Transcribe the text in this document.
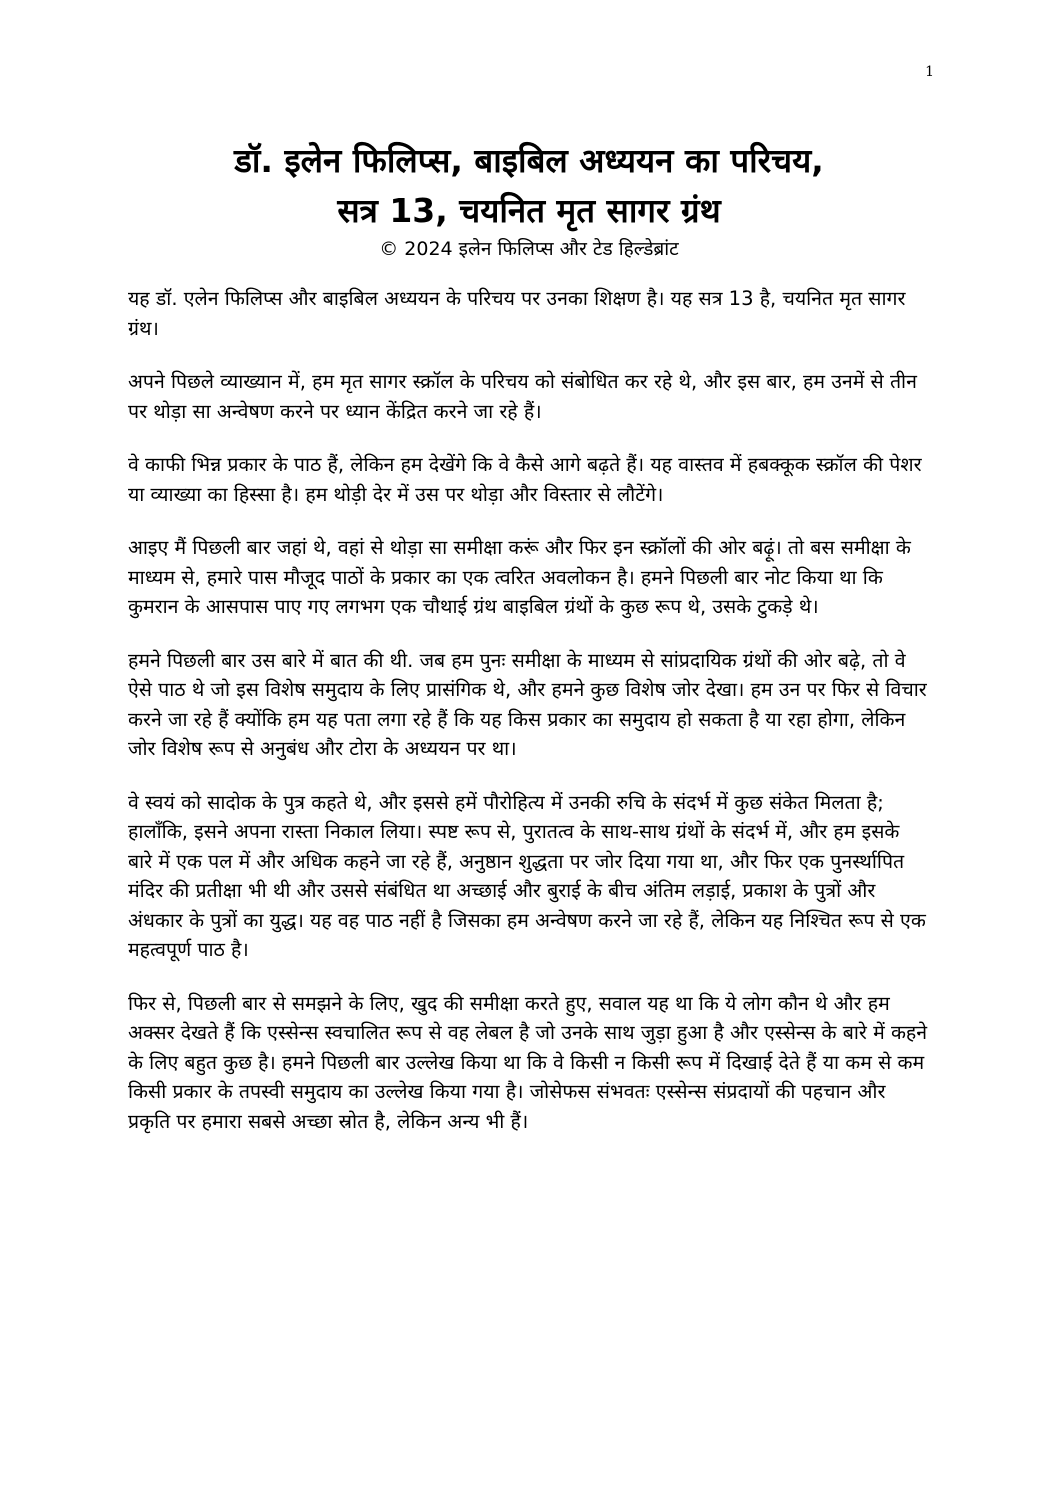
1
डॉ. इलेन फिलिप्स, बाइबिल अध्ययन का परिचय,
सत्र 13, चयनित मृत सागर ग्रंथ

© 2024 इलेन फिलिप्स और टेड हिल्डेब्रांट

यह डॉ. एलेन फिलिप्स और बाइबिल अध्ययन के परिचय पर उनका शिक्षण है। यह सत्र 13 है, चयनित मृत सागर ग्रंथ।

अपने पिछले व्याख्यान में, हम मृत सागर स्क्रॉल के परिचय को संबोधित कर रहे थे, और इस बार, हम उनमें से तीन पर थोड़ा सा अन्वेषण करने पर ध्यान केंद्रित करने जा रहे हैं।

वे काफी भिन्न प्रकार के पाठ हैं, लेकिन हम देखेंगे कि वे कैसे आगे बढ़ते हैं। यह वास्तव में हबक्कूक स्क्रॉल की पेशर या व्याख्या का हिस्सा है। हम थोड़ी देर में उस पर थोड़ा और विस्तार से लौटेंगे।

आइए मैं पिछली बार जहां थे, वहां से थोड़ा सा समीक्षा करूं और फिर इन स्क्रॉलों की ओर बढ़ूं। तो बस समीक्षा के माध्यम से, हमारे पास मौजूद पाठों के प्रकार का एक त्वरित अवलोकन है। हमने पिछली बार नोट किया था कि कुमरान के आसपास पाए गए लगभग एक चौथाई ग्रंथ बाइबिल ग्रंथों के कुछ रूप थे, उसके टुकड़े थे।

हमने पिछली बार उस बारे में बात की थी. जब हम पुनः समीक्षा के माध्यम से सांप्रदायिक ग्रंथों की ओर बढ़े, तो वे ऐसे पाठ थे जो इस विशेष समुदाय के लिए प्रासंगिक थे, और हमने कुछ विशेष जोर देखा। हम उन पर फिर से विचार करने जा रहे हैं क्योंकि हम यह पता लगा रहे हैं कि यह किस प्रकार का समुदाय हो सकता है या रहा होगा, लेकिन जोर विशेष रूप से अनुबंध और टोरा के अध्ययन पर था।

वे स्वयं को सादोक के पुत्र कहते थे, और इससे हमें पौरोहित्य में उनकी रुचि के संदर्भ में कुछ संकेत मिलता है; हालाँकि, इसने अपना रास्ता निकाल लिया। स्पष्ट रूप से, पुरातत्व के साथ-साथ ग्रंथों के संदर्भ में, और हम इसके बारे में एक पल में और अधिक कहने जा रहे हैं, अनुष्ठान शुद्धता पर जोर दिया गया था, और फिर एक पुनर्स्थापित मंदिर की प्रतीक्षा भी थी और उससे संबंधित था अच्छाई और बुराई के बीच अंतिम लड़ाई, प्रकाश के पुत्रों और अंधकार के पुत्रों का युद्ध। यह वह पाठ नहीं है जिसका हम अन्वेषण करने जा रहे हैं, लेकिन यह निश्चित रूप से एक महत्वपूर्ण पाठ है।

फिर से, पिछली बार से समझने के लिए, खुद की समीक्षा करते हुए, सवाल यह था कि ये लोग कौन थे और हम अक्सर देखते हैं कि एस्सेन्स स्वचालित रूप से वह लेबल है जो उनके साथ जुड़ा हुआ है और एस्सेन्स के बारे में कहने के लिए बहुत कुछ है। हमने पिछली बार उल्लेख किया था कि वे किसी न किसी रूप में दिखाई देते हैं या कम से कम किसी प्रकार के तपस्वी समुदाय का उल्लेख किया गया है। जोसेफस संभवतः एस्सेन्स संप्रदायों की पहचान और प्रकृति पर हमारा सबसे अच्छा स्रोत है, लेकिन अन्य भी हैं।
